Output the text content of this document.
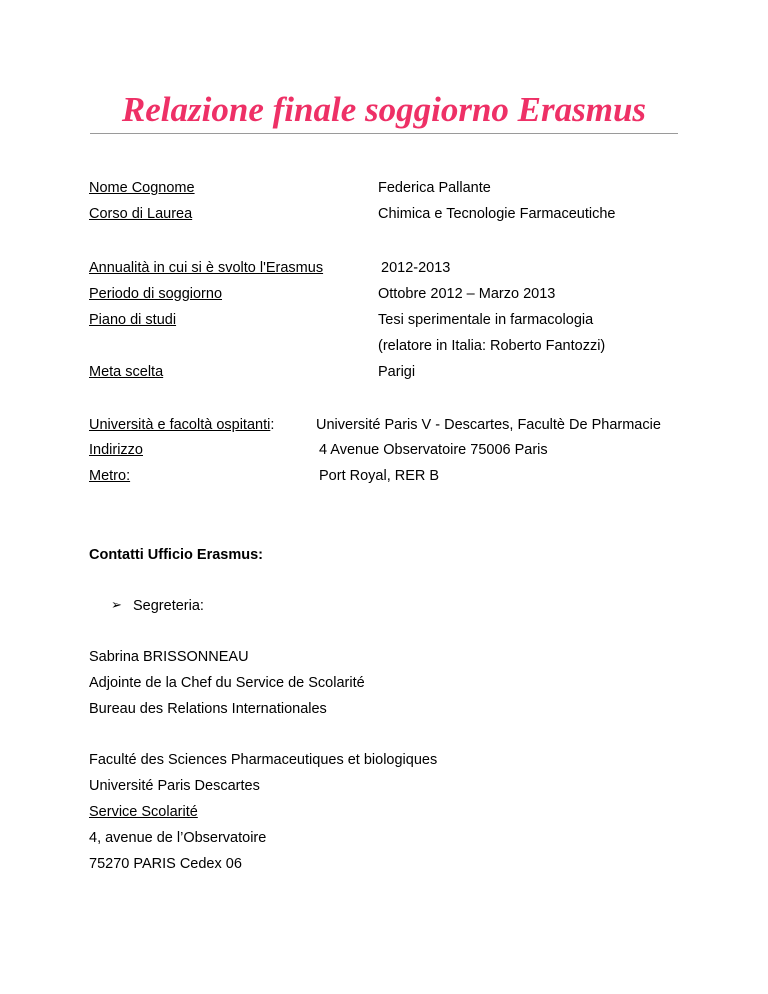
Relazione finale soggiorno Erasmus
Nome Cognome	Federica Pallante
Corso di Laurea	Chimica e Tecnologie Farmaceutiche
Annualità in cui si è svolto l'Erasmus	2012-2013
Periodo di soggiorno	Ottobre 2012 – Marzo 2013
Piano di studi	Tesi sperimentale in farmacologia
(relatore in Italia: Roberto Fantozzi)
Meta scelta	Parigi
Università e facoltà ospitanti:	Université Paris V - Descartes, Facultè De Pharmacie
Indirizzo	4 Avenue Observatoire 75006 Paris
Metro:	Port Royal, RER B
Contatti Ufficio Erasmus:
➢ Segreteria:
Sabrina BRISSONNEAU
Adjointe de la Chef du Service de Scolarité
Bureau des Relations Internationales
Faculté des Sciences Pharmaceutiques et biologiques
Université Paris Descartes
Service Scolarité
4, avenue de l’Observatoire
75270 PARIS Cedex 06
